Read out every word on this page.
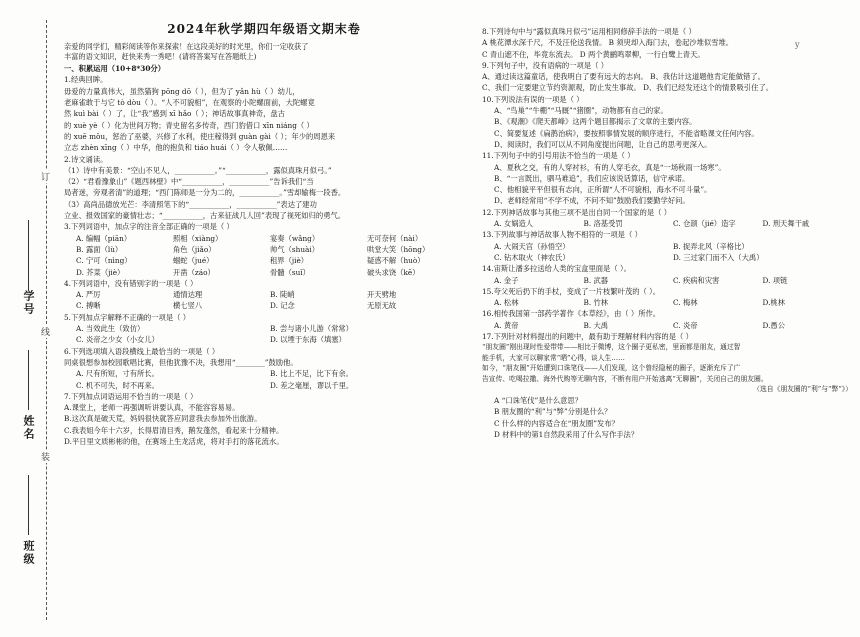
学号
姓名
班级
订
线
装
2024年秋学期四年级语文期末卷

亲爱的同学们，精彩阅读等你来探索！在这段美好的时光里，你们一定收获了

丰富的语文知识，赶快来秀一秀吧！(请将答案写在答题纸上)

一、积累运用（10+8*30分）

1.经典回眸。

毋爱的力量真伟大，虽然猫狗 pōng dō（ ），但为了 yǎn hù（ ）幼儿，

老麻雀敢于与它 tò dòu（ ）。“人不可貌相”，在观察的小陀螺面前，大陀螺竟

然 kuì bài（ ）了，让“我”感到 xī hǎo（ ）；神话故事真神奇，盘古

的 xuè yè（ ）化为世间万物；青史留名多传奇，西门豹借口 xīn niáng（ ）

的 xuē mǒu，惩治了巫婆，兴修了水利，使庄稼得到 guàn gài（ ）；年少的周恩来

立志 zhèn xīng（ ）中华，他的抱负和 tiáo huái（ ）令人敬佩……

2.诗文诵读。

（1）诗中有美景：“空山不见人，___________。”“___________，露似真珠月似弓。”

（2）“君看豫象山”《题西林壁》中“___________，___________”告诉我们“当

局者迷，旁观者清”的道理；“西门陈师是一分为二的，___________。”雪却输梅一段香。

（3）高尚品德放光芒：李清照笔下的“___________，___________”表达了建功

立业、报效国家的豪情壮志；“___________，古来征战几人回”表现了视死如归的勇气。

3.下列词语中，加点字的注音全部正确的一项是（ ）

A. 编幅（piān）	照相（xiàng）	宴奏（wǎng）	无可奈何（nài）
B. 露面（lù）	角色（jiǎo）	帅气（shuài）	哄堂大笑（hōng）
C. 宁可（nìng）	蝈蛇（jué）	租界（jiè）	疑惑不解（huò）
D. 芥菜（jiè）	开凿（záo）	骨髓（suǐ）	破头求饶（kē）

4.下列词语中，没有错别字的一项是（ ）

A. 严厉	通情达理	B. 陡峭	开天劈地
C. 搏晰	横七竖八	D. 记念	无原无故

5.下列加点字解释不正确的一项是（ ）

A. 当效此生（致仿）	B. 尝与诸小儿游（常常）
C. 炎帝之少女（小女儿）	D. 以堙于东海（填塞）

6.下列选项填入语段横线上最恰当的一项是（ ）

同桌很想参加校园歌唱比赛，但他犹豫不决，我想用“________”鼓励他。

A. 尺有所短，寸有所长。	B. 比上不足，比下有余。
C. 机不可失，时不再来。	D. 差之毫厘，谬以千里。

7.下列加点词语运用不恰当的一项是（ ）

A.课堂上，老师一再强调听讲要认真，不能容容易易。

B.这次真是破天荒，妈妈很快就答应同意我去参加外出旅游。

C.我表姐今年十六岁，长得眉清目秀，鹅发蓬然，看起来十分精神。

D.平日里文质彬彬的他，在赛场上生龙活虎，将对手打的落花流水。

8.下列诗句中与“露似真珠月似弓”运用相同修辞手法的一项是（ ）

A 桃花潭水深千尺，不及汪伦送我情。 B 须臾却入海门去，卷起沙堆似雪堆。

C 青山遮不住，毕竟东流去。 D 两个黄鹂鸣翠柳，一行白鹭上青天。

9.下列句子中，没有语病的一项是（ ）

A、通过读这篇童话，使我明白了要有远大的志向。 B、我估计这道题他肯定能做错了。

C、我们一定要建立节约资源观，防止发生事故。 D、我们已经发还这个的情景吸引住了。

10.下列说法有误的一项是（ ）

A、“鸟巢”“牛棚”“马厩”“猪圈”，动物都有自己的家。

B、《观潮》《爬天都峰》这两个题目都揭示了文章的主要内容。

C、简要复述《扁鹊治病》，要按照事情发展的顺序进行，不能省略课文任何内容。

D、阅读时，我们可以从不同角度提出问题，让自己的思考更深入。

11.下列句子中的引号用法不恰当的一项是（ ）

A、夏秋之交，有的人穿衬衫，有的人穿毛衣，真是“一场秋雨一场寒”。

B、“一言既出，驷马难追”，我们应该说话算话，信守承诺。

C、他相貌平平但很有志向，正所谓“人不可貌相，海水不可斗量”。

D、老师经常用“不学不成，不问不知”鼓励我们要勤学好问。

12.下列神话故事与其他三项不是出自同一个国家的是（ ）

A. 女娲造人	B. 洛基受罚	C. 仓颉（jié）造字	D. 刑天舞干戚

13.下列故事与神话故事人物不相符的一项是（ ）

A. 大闹天宫（孙悟空）	B. 捉弄北风（辛格比）
C. 钻木取火（神农氏）	D. 三过家门而不入（大禹）

14.宙斯让潘多拉送给人类的宝盒里面是（ ）。

A. 金子	B. 武器	C. 疾病和灾害	D. 项链

15.夸父死后扔下的手杖，变成了一片枝繁叶茂的（ ）。

A. 松林	B. 竹林	C. 梅林	D.桃林

16.相传我国第一部药学著作《本草经》，由（ ）所作。

A. 黄帝	B. 大禹	C. 炎帝	D.愚公

17.下列针对材料提出的问题中，最有助于理解材料内容的是（ ）

“朋友圈”刚出现时性爱带带——相比于微博，这个圈子更私密，里面都是朋友，通过智

能手机，大家可以聊家常“晒”心得，谈人生……

如今，“朋友圈”开始遭到口诛笔伐——人们发现，这个曾经隐秘的圈子，逐渐充斥了广

告宣传、吃喝拉撒、海外代购等无聊内容，不断有用户开始逃离“无聊圈”，关闭自己的朋友圈。

（选自《朋友圈的“利”与“弊”》）

A “口诛笔伐”是什么意思？

B 朋友圈的“利”与“弊”分别是什么？

C 什么样的内容适合在“朋友圈”发布？

D 材料中的第1自然段采用了什么写作手法？

y
